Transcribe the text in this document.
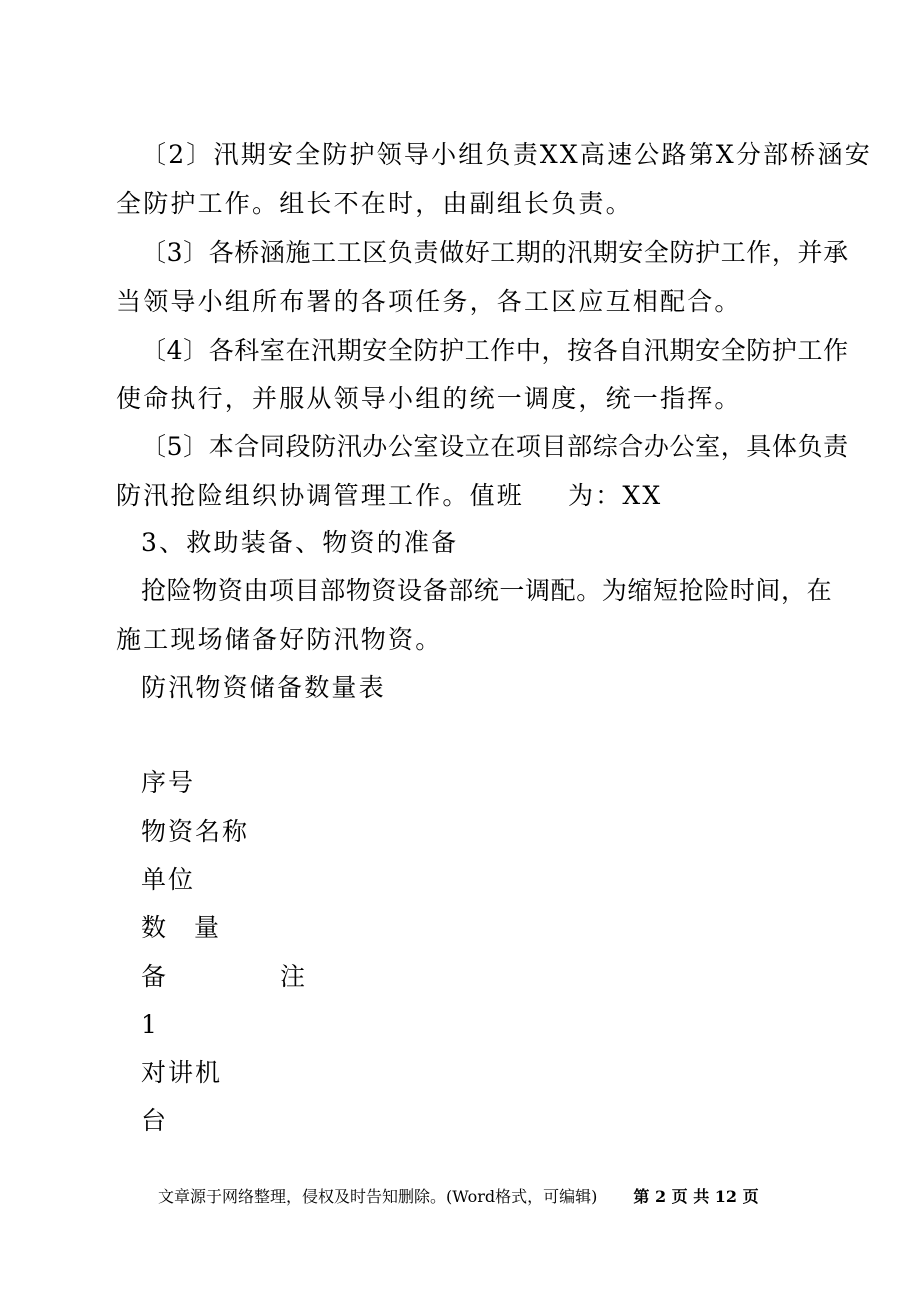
〔2〕汛期安全防护领导小组负责XX高速公路第X分部桥涵安
全防护工作。组长不在时，由副组长负责。
〔3〕各桥涵施工工区负责做好工期的汛期安全防护工作，并承
当领导小组所布署的各项任务，各工区应互相配合。
〔4〕各科室在汛期安全防护工作中，按各自汛期安全防护工作
使命执行，并服从领导小组的统一调度，统一指挥。
〔5〕本合同段防汛办公室设立在项目部综合办公室，具体负责
防汛抢险组织协调管理工作。值班 为：XX
3、救助装备、物资的准备
抢险物资由项目部物资设备部统一调配。为缩短抢险时间，在
施工现场储备好防汛物资。
防汛物资储备数量表
序号
物资名称
单位
数 量
备	注
1
对讲机
台
文章源于网络整理，侵权及时告知删除。(Word格式，可编辑) 第 2 页 共 12 页
